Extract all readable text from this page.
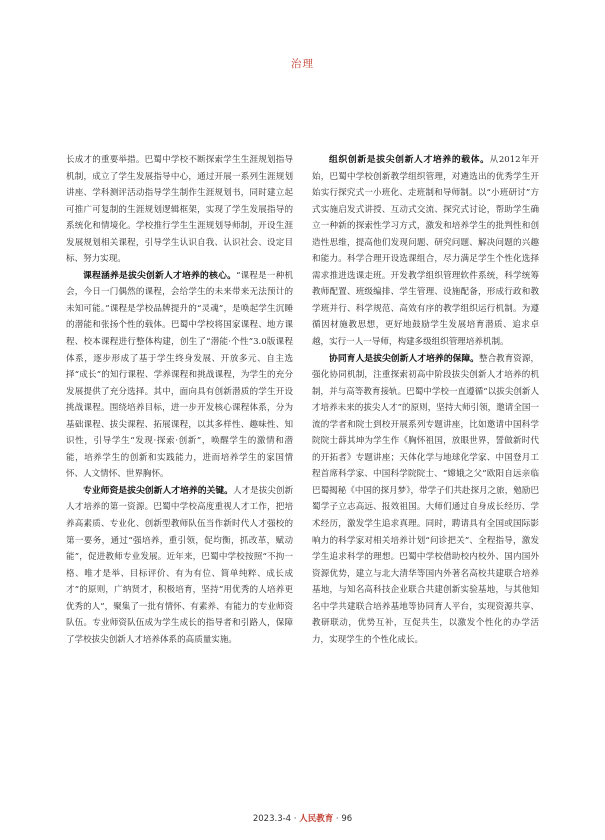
治理

长成才的重要举措。巴蜀中学校不断探索学生生涯规划指导机制，成立了学生发展指导中心，通过开展一系列生涯规划讲座、学科测评活动指导学生制作生涯规划书，同时建立起可推广可复制的生涯规划逻辑框架，实现了学生发展指导的系统化和情境化。学校推行学生生涯规划导师制，开设生涯发展规划相关课程，引导学生认识自我、认识社会、设定目标、努力实现。

课程涵养是拔尖创新人才培养的核心。“课程是一种机会，今日一门偶然的课程，会给学生的未来带来无法预计的未知可能。”课程是学校品牌提升的“灵魂”，是唤起学生沉睡的潜能和张扬个性的载体。巴蜀中学校将国家课程、地方课程、校本课程进行整体构建，创生了“潜能·个性”3.0版课程体系，逐步形成了基于学生终身发展、开放多元、自主选择“成长”的知行课程、学养课程和挑战课程，为学生的充分发展提供了充分选择。其中，面向具有创新潜质的学生开设挑战课程。围绕培养目标，进一步开发核心课程体系，分为基础课程、拔尖课程、拓展课程，以其多样性、趣味性、知识性，引导学生“发现·探索·创新”，唤醒学生的激情和潜能，培养学生的创新和实践能力，进而培养学生的家国情怀、人文情怀、世界胸怀。

专业师资是拔尖创新人才培养的关键。人才是拔尖创新人才培养的第一资源。巴蜀中学校高度重视人才工作，把培养高素质、专业化、创新型教师队伍当作新时代人才强校的第一要务，通过“强培养，重引领，促均衡，抓改革，赋动能”，促进教师专业发展。近年来，巴蜀中学校按照“不拘一格、唯才是举、目标评价、有为有位、简单纯粹、成长成才”的原则，广纳贤才，积极培育，坚持“用优秀的人培养更优秀的人”，聚集了一批有情怀、有素养、有能力的专业师资队伍。专业师资队伍成为学生成长的指导者和引路人，保障了学校拔尖创新人才培养体系的高质量实施。

组织创新是拔尖创新人才培养的载体。从2012年开始，巴蜀中学校创新教学组织管理，对遴选出的优秀学生开始实行探究式一小班化、走班制和导师制。以“小班研讨”方式实施启发式讲授、互动式交流、探究式讨论，帮助学生确立一种新的探索性学习方式，激发和培养学生的批判性和创造性思维，提高他们发现问题、研究问题、解决问题的兴趣和能力。科学合理开设选课组合，尽力满足学生个性化选择需求推进选课走班。开发教学组织管理软件系统，科学统筹教师配置、班级编排、学生管理、设施配备，形成行政和教学班并行、科学规范、高效有序的教学组织运行机制。为遵循因材施教思想，更好地鼓励学生发展培育潜质、追求卓越，实行一人一导师，构建多级组织管理培养机制。

协同育人是拔尖创新人才培养的保障。整合教育资源，强化协同机制，注重探索初高中阶段拔尖创新人才培养的机制，并与高等教育接轨。巴蜀中学校一直遵循“以拔尖创新人才培养未来的拔尖人才”的原则，坚持大师引领，邀请全国一流的学者和院士到校开展系列专题讲座，比如邀请中国科学院院士薛其坤为学生作《胸怀祖国，放眼世界，誓做新时代的开拓者》专题讲座；天体化学与地球化学家、中国登月工程首席科学家、中国科学院院士、“嫦娥之父”欧阳自远亲临巴蜀揭秘《中国的探月梦》，带学子们共赴探月之旅，勉励巴蜀学子立志高远、报效祖国。大师们通过自身成长经历、学术经历，激发学生追求真理。同时，聘请具有全国或国际影响力的科学家对相关培养计划“问诊把关”、全程指导，激发学生追求科学的理想。巴蜀中学校借助校内校外、国内国外资源优势，建立与北大清华等国内外著名高校共建联合培养基地，与知名高科技企业联合共建创新实验基地，与其他知名中学共建联合培养基地等协同育人平台，实现资源共享、教研联动，优势互补，互促共生，以激发个性化的办学活力，实现学生的个性化成长。

2023.3-4 · 人民教育 · 96
